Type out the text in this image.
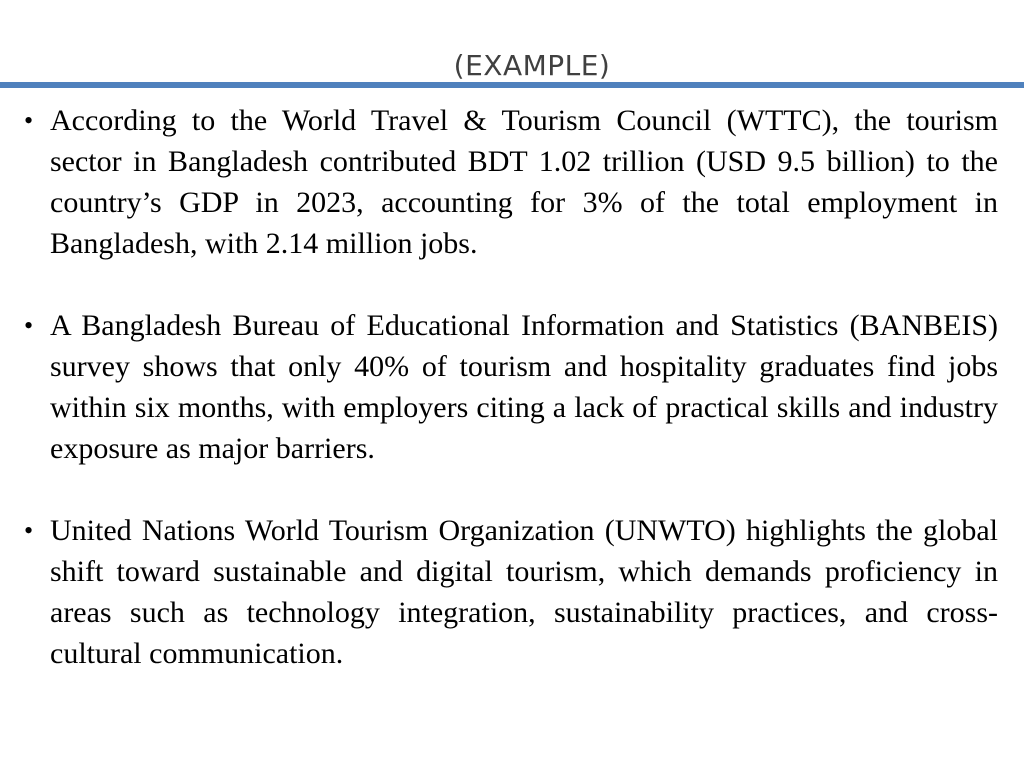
(EXAMPLE)
• According to the World Travel & Tourism Council (WTTC), the tourism sector in Bangladesh contributed BDT 1.02 trillion (USD 9.5 billion) to the country’s GDP in 2023, accounting for 3% of the total employment in Bangladesh, with 2.14 million jobs.
• A Bangladesh Bureau of Educational Information and Statistics (BANBEIS) survey shows that only 40% of tourism and hospitality graduates find jobs within six months, with employers citing a lack of practical skills and industry exposure as major barriers.
• United Nations World Tourism Organization (UNWTO) highlights the global shift toward sustainable and digital tourism, which demands proficiency in areas such as technology integration, sustainability practices, and cross-cultural communication.
